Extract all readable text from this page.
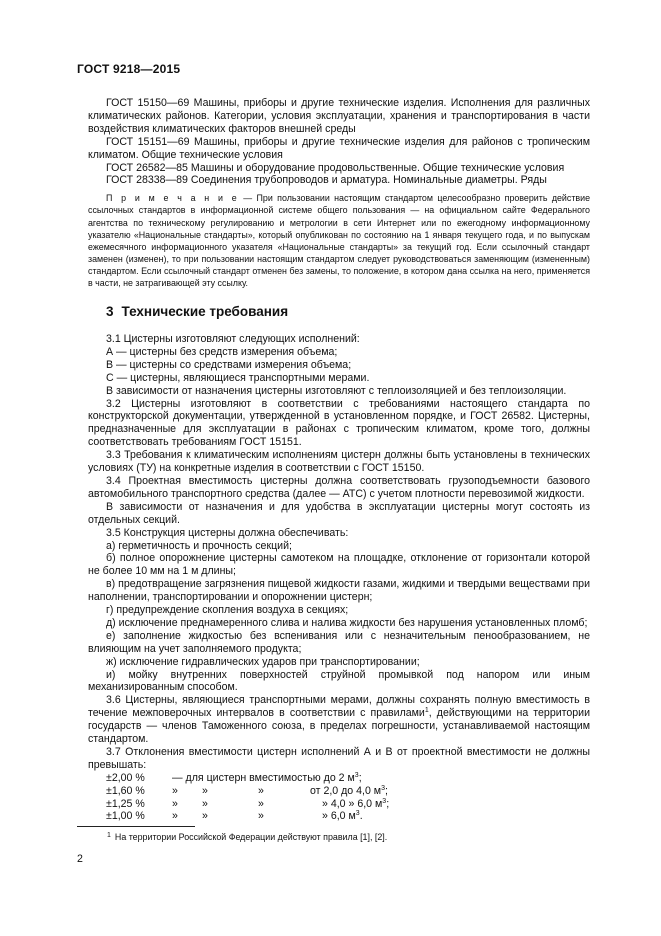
ГОСТ 9218—2015

ГОСТ 15150—69 Машины, приборы и другие технические изделия. Исполнения для различных климатических районов. Категории, условия эксплуатации, хранения и транспортирования в части воздействия климатических факторов внешней среды

ГОСТ 15151—69 Машины, приборы и другие технические изделия для районов с тропическим климатом. Общие технические условия

ГОСТ 26582—85 Машины и оборудование продовольственные. Общие технические условия

ГОСТ 28338—89 Соединения трубопроводов и арматура. Номинальные диаметры. Ряды

П р и м е ч а н и е — При пользовании настоящим стандартом целесообразно проверить действие ссылочных стандартов в информационной системе общего пользования — на официальном сайте Федерального агентства по техническому регулированию и метрологии в сети Интернет или по ежегодному информационному указателю «Национальные стандарты», который опубликован по состоянию на 1 января текущего года, и по выпускам ежемесячного информационного указателя «Национальные стандарты» за текущий год. Если ссылочный стандарт заменен (изменен), то при пользовании настоящим стандартом следует руководствоваться заменяющим (измененным) стандартом. Если ссылочный стандарт отменен без замены, то положение, в котором дана ссылка на него, применяется в части, не затрагивающей эту ссылку.

3 Технические требования

3.1 Цистерны изготовляют следующих исполнений:

А — цистерны без средств измерения объема;

В — цистерны со средствами измерения объема;

С — цистерны, являющиеся транспортными мерами.

В зависимости от назначения цистерны изготовляют с теплоизоляцией и без теплоизоляции.

3.2 Цистерны изготовляют в соответствии с требованиями настоящего стандарта по конструкторской документации, утвержденной в установленном порядке, и ГОСТ 26582. Цистерны, предназначенные для эксплуатации в районах с тропическим климатом, кроме того, должны соответствовать требованиям ГОСТ 15151.

3.3 Требования к климатическим исполнениям цистерн должны быть установлены в технических условиях (ТУ) на конкретные изделия в соответствии с ГОСТ 15150.

3.4 Проектная вместимость цистерны должна соответствовать грузоподъемности базового автомобильного транспортного средства (далее — АТС) с учетом плотности перевозимой жидкости.

В зависимости от назначения и для удобства в эксплуатации цистерны могут состоять из отдельных секций.

3.5 Конструкция цистерны должна обеспечивать:

а) герметичность и прочность секций;

б) полное опорожнение цистерны самотеком на площадке, отклонение от горизонтали которой не более 10 мм на 1 м длины;

в) предотвращение загрязнения пищевой жидкости газами, жидкими и твердыми веществами при наполнении, транспортировании и опорожнении цистерн;

г) предупреждение скопления воздуха в секциях;

д) исключение преднамеренного слива и налива жидкости без нарушения установленных пломб;

е) заполнение жидкостью без вспенивания или с незначительным пенообразованием, не влияющим на учет заполняемого продукта;

ж) исключение гидравлических ударов при транспортировании;

и) мойку внутренних поверхностей струйной промывкой под напором или иным механизированным способом.

3.6 Цистерны, являющиеся транспортными мерами, должны сохранять полную вместимость в течение межповерочных интервалов в соответствии с правилами$^1$, действующими на территории государств — членов Таможенного союза, в пределах погрешности, устанавливаемой настоящим стандартом.

3.7 Отклонения вместимости цистерн исполнений А и В от проектной вместимости не должны превышать:

±2,00 %	— для цистерн вместимостью до 2 $м^3$;
±1,60 %	»	»	»	от 2,0 до 4,0 $м^3$;
±1,25 %	»	»	»	» 4,0 » 6,0 $м^3$;
±1,00 %	»	»	»	» 6,0 $м^3$.
$^1$ На территории Российской Федерации действуют правила [1], [2].
2
